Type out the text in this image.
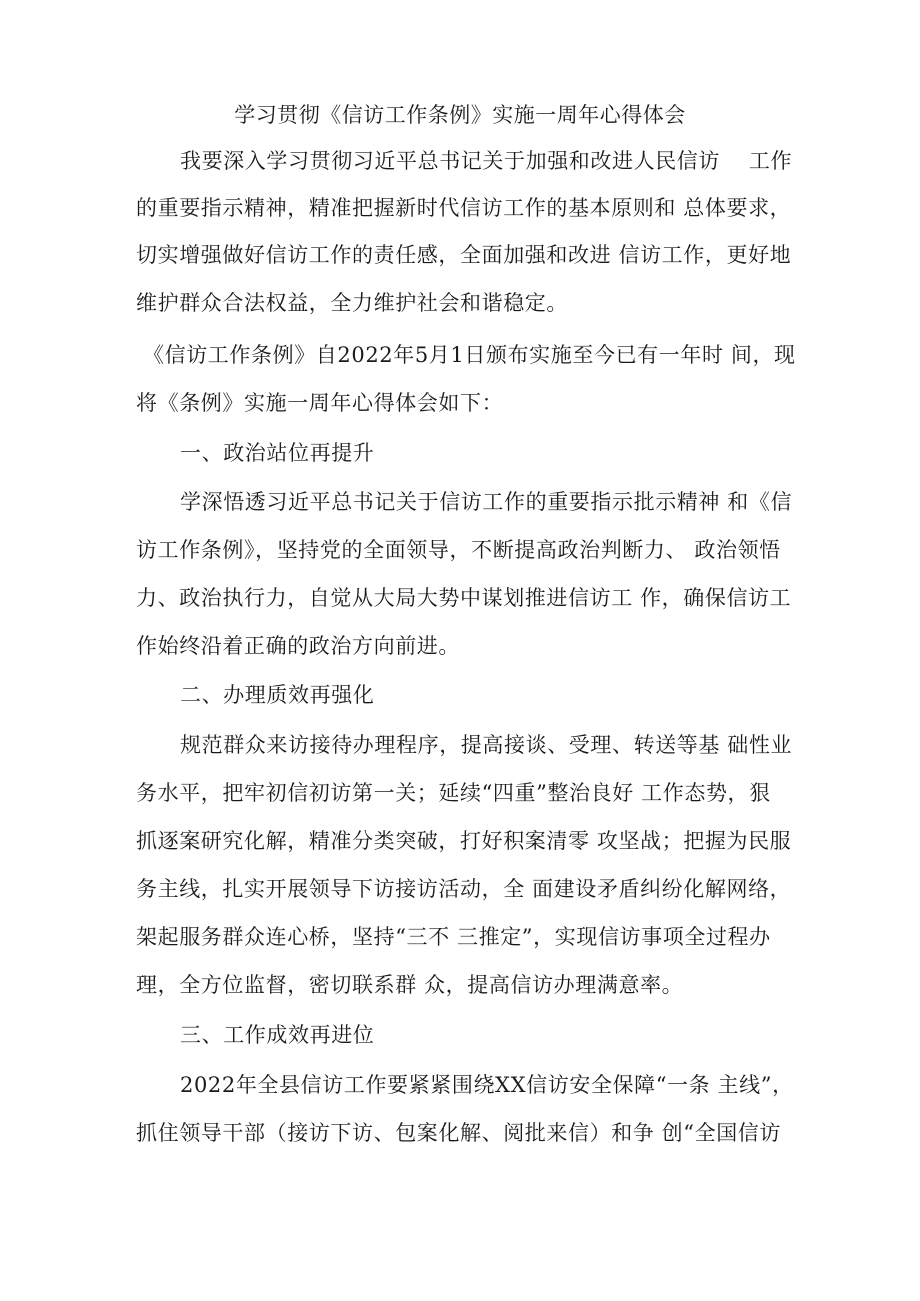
学习贯彻《信访工作条例》实施一周年心得体会
我要深入学习贯彻习近平总书记关于加强和改进人民信访　 工作
的重要指示精神，精准把握新时代信访工作的基本原则和 总体要求，
切实增强做好信访工作的责任感，全面加强和改进 信访工作，更好地
维护群众合法权益，全力维护社会和谐稳定。
《信访工作条例》自2022年5月1日颁布实施至今已有一年时 间，现
将《条例》实施一周年心得体会如下：
一、政治站位再提升
学深悟透习近平总书记关于信访工作的重要指示批示精神 和《信
访工作条例》，坚持党的全面领导，不断提高政治判断力、 政治领悟
力、政治执行力，自觉从大局大势中谋划推进信访工 作，确保信访工
作始终沿着正确的政治方向前进。
二、办理质效再强化
规范群众来访接待办理程序，提高接谈、受理、转送等基 础性业
务水平，把牢初信初访第一关；延续“四重”整治良好 工作态势，狠
抓逐案研究化解，精准分类突破，打好积案清零 攻坚战；把握为民服
务主线，扎实开展领导下访接访活动，全 面建设矛盾纠纷化解网络，
架起服务群众连心桥，坚持“三不 三推定”，实现信访事项全过程办
理，全方位监督，密切联系群 众，提高信访办理满意率。
三、工作成效再进位
2022年全县信访工作要紧紧围绕XX信访安全保障“一条 主线”，
抓住领导干部（接访下访、包案化解、阅批来信）和争 创“全国信访
